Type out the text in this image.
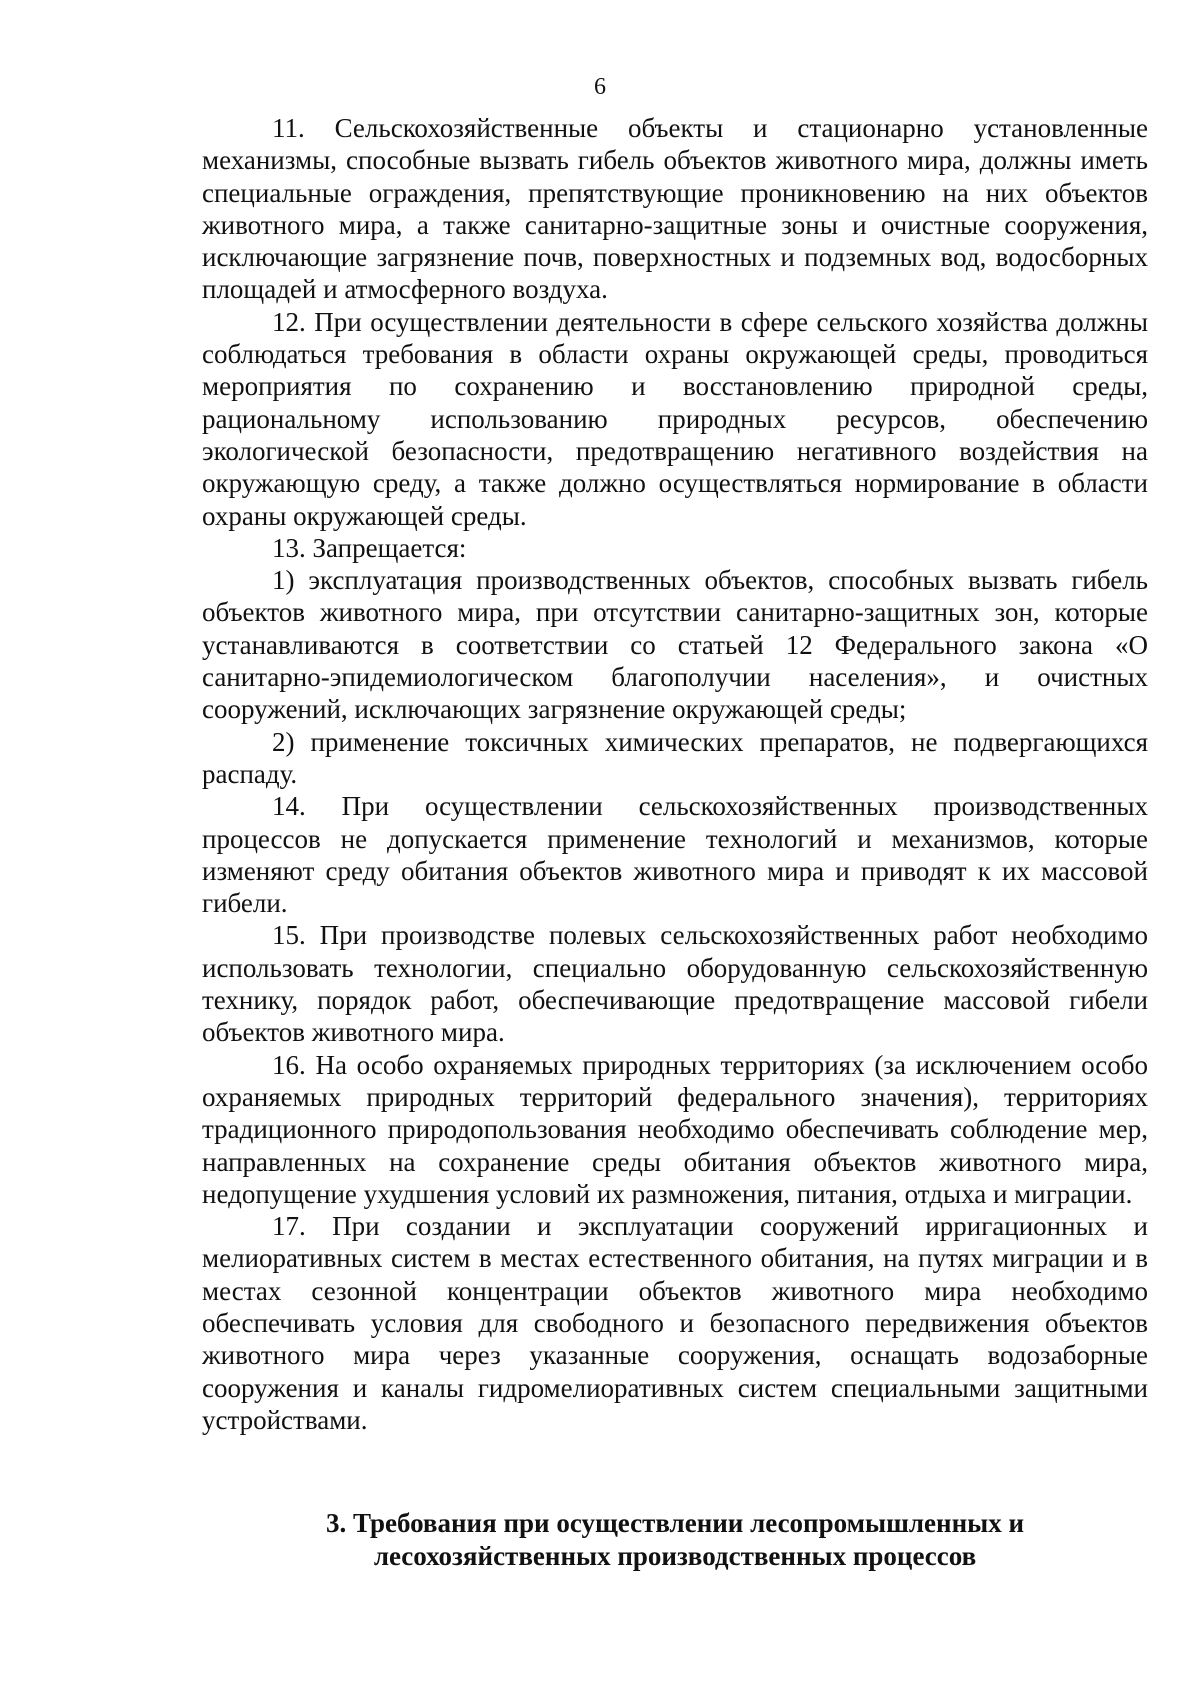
6

11. Сельскохозяйственные объекты и стационарно установленные механизмы, способные вызвать гибель объектов животного мира, должны иметь специальные ограждения, препятствующие проникновению на них объектов животного мира, а также санитарно-защитные зоны и очистные сооружения, исключающие загрязнение почв, поверхностных и подземных вод, водосборных площадей и атмосферного воздуха.

12. При осуществлении деятельности в сфере сельского хозяйства должны соблюдаться требования в области охраны окружающей среды, проводиться мероприятия по сохранению и восстановлению природной среды, рациональному использованию природных ресурсов, обеспечению экологической безопасности, предотвращению негативного воздействия на окружающую среду, а также должно осуществляться нормирование в области охраны окружающей среды.

13. Запрещается:

1) эксплуатация производственных объектов, способных вызвать гибель объектов животного мира, при отсутствии санитарно-защитных зон, которые устанавливаются в соответствии со статьей 12 Федерального закона «О санитарно-эпидемиологическом благополучии населения», и очистных сооружений, исключающих загрязнение окружающей среды;

2) применение токсичных химических препаратов, не подвергающихся распаду.

14. При осуществлении сельскохозяйственных производственных процессов не допускается применение технологий и механизмов, которые изменяют среду обитания объектов животного мира и приводят к их массовой гибели.

15. При производстве полевых сельскохозяйственных работ необходимо использовать технологии, специально оборудованную сельскохозяйственную технику, порядок работ, обеспечивающие предотвращение массовой гибели объектов животного мира.

16. На особо охраняемых природных территориях (за исключением особо охраняемых природных территорий федерального значения), территориях традиционного природопользования необходимо обеспечивать соблюдение мер, направленных на сохранение среды обитания объектов животного мира, недопущение ухудшения условий их размножения, питания, отдыха и миграции.

17. При создании и эксплуатации сооружений ирригационных и мелиоративных систем в местах естественного обитания, на путях миграции и в местах сезонной концентрации объектов животного мира необходимо обеспечивать условия для свободного и безопасного передвижения объектов животного мира через указанные сооружения, оснащать водозаборные сооружения и каналы гидромелиоративных систем специальными защитными устройствами.

3. Требования при осуществлении лесопромышленных и
лесохозяйственных производственных процессов
